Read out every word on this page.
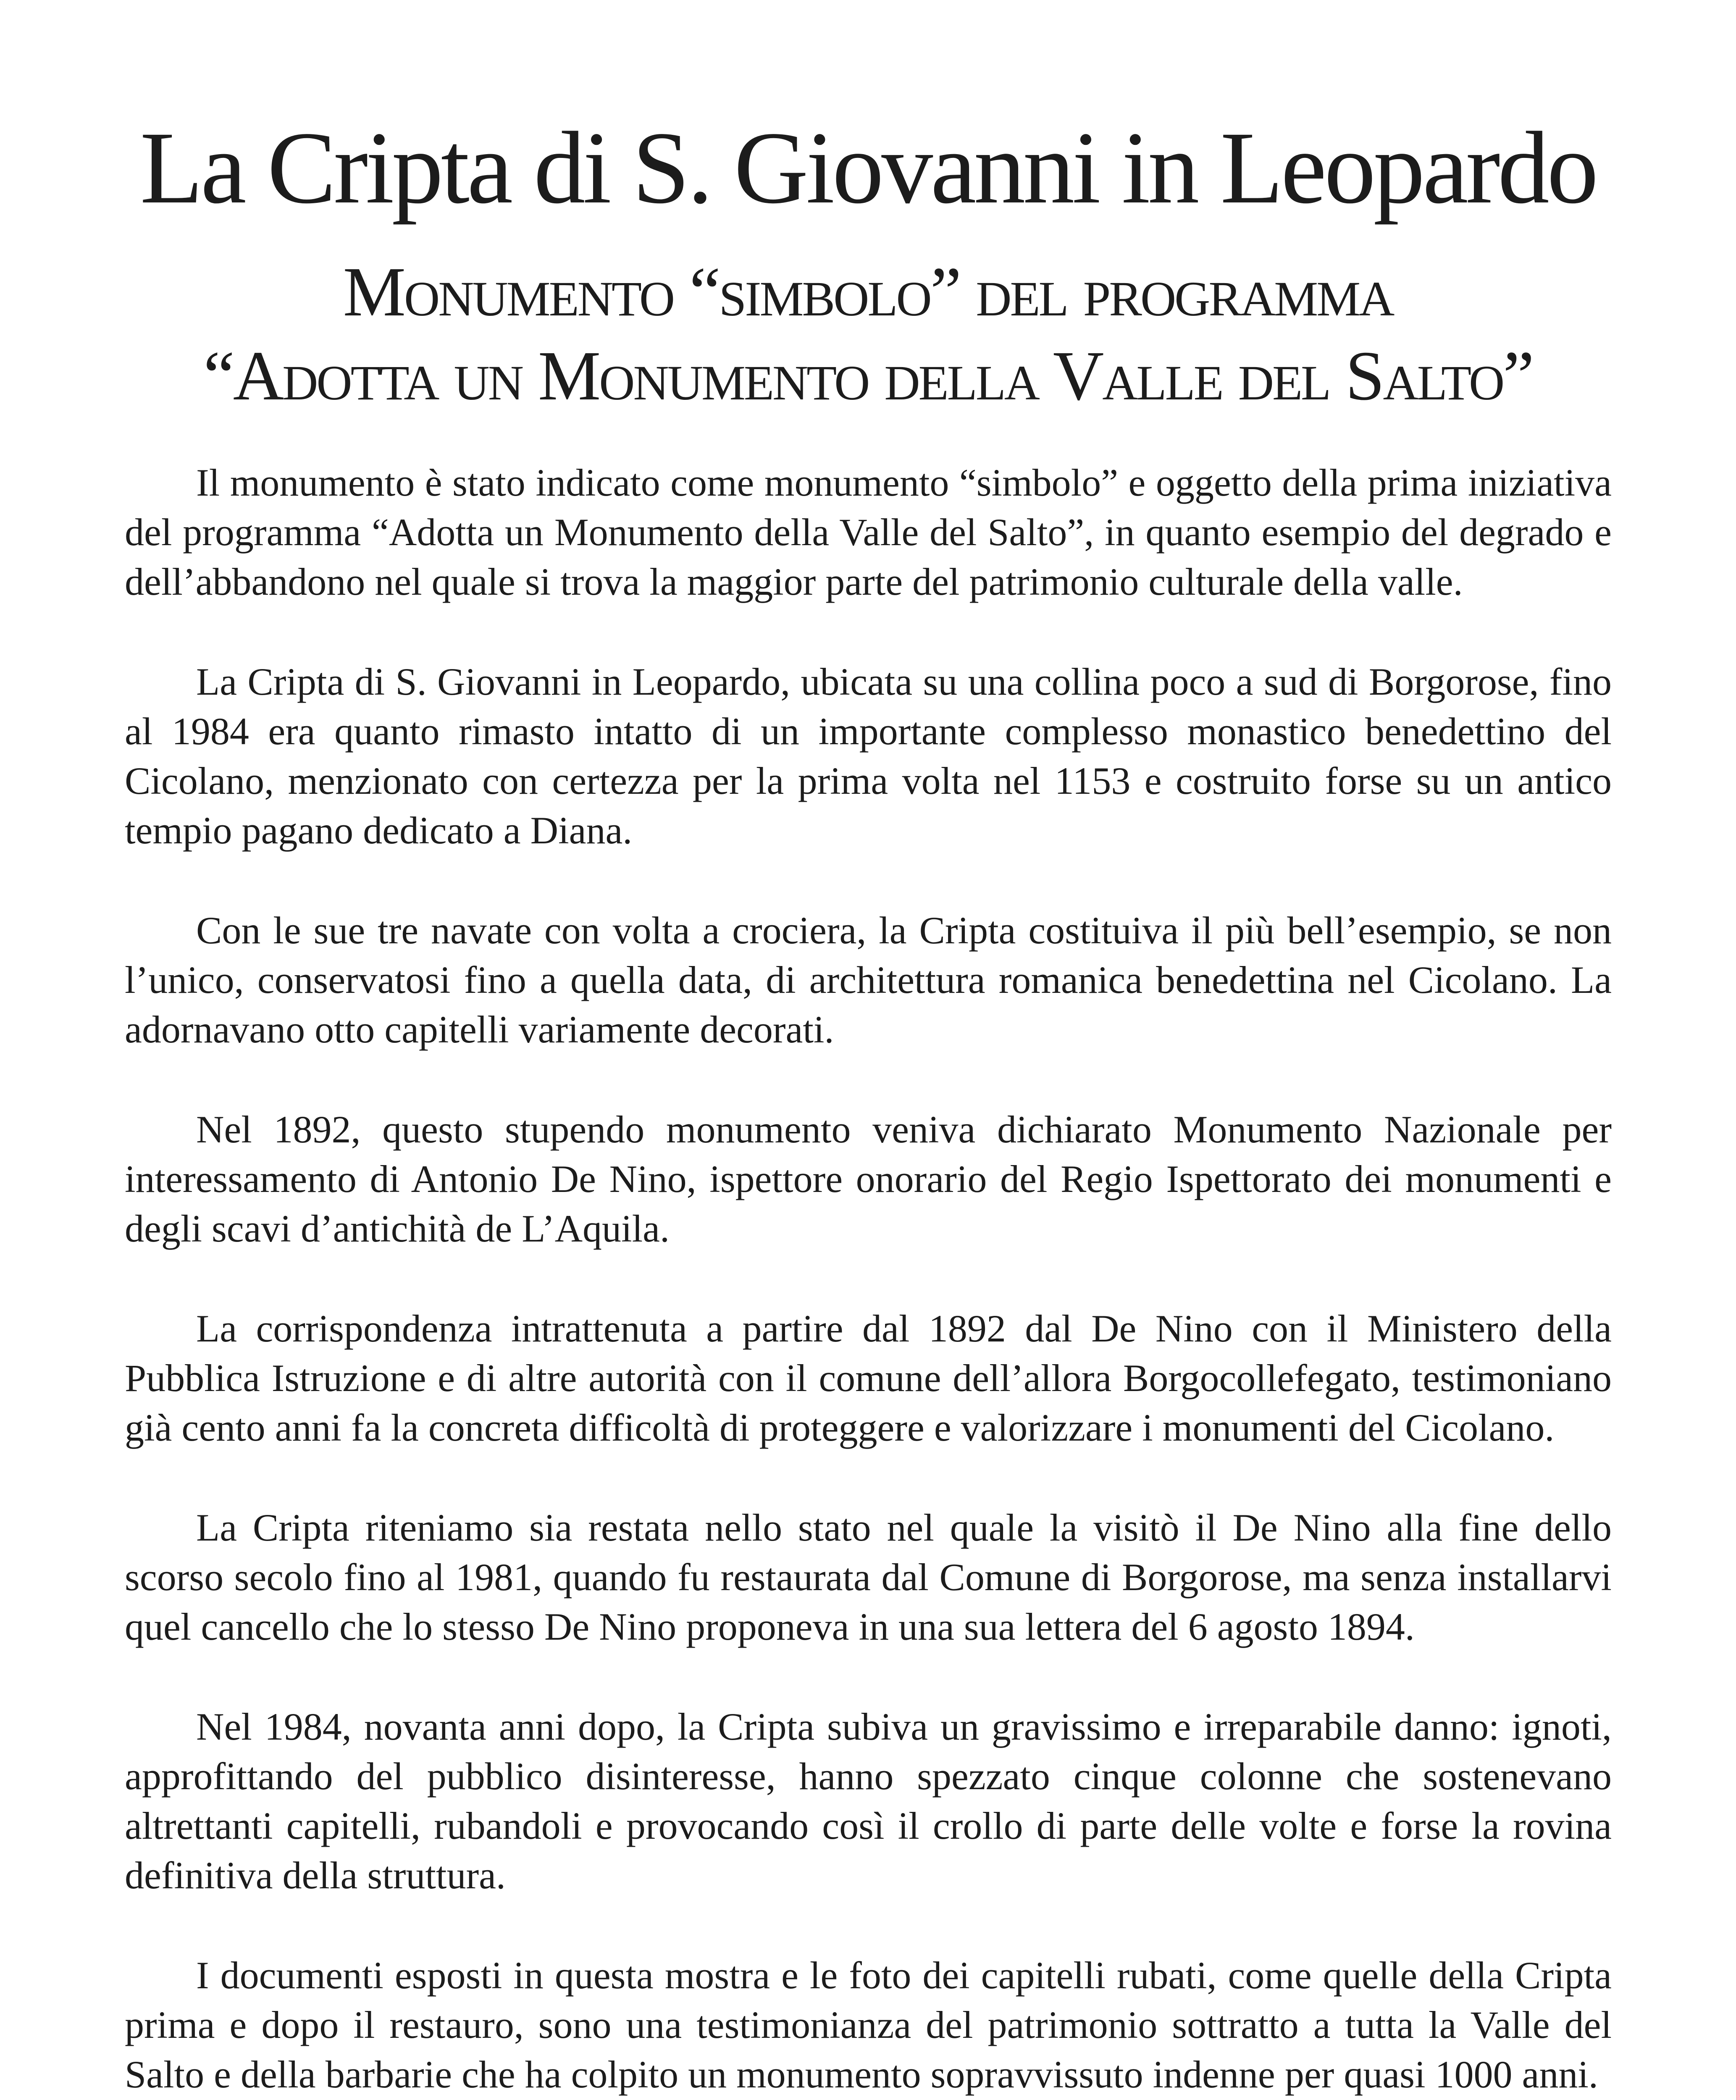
La Cripta di S. Giovanni in Leopardo
Monumento “simbolo” del programma
“Adotta un Monumento della Valle del Salto”

Il monumento è stato indicato come monumento “simbolo” e oggetto della prima iniziativa del programma “Adotta un Monumento della Valle del Salto”, in quanto esempio del degrado e dell’abbandono nel quale si trova la maggior parte del patrimonio culturale della valle.

La Cripta di S. Giovanni in Leopardo, ubicata su una collina poco a sud di Borgorose, fino al 1984 era quanto rimasto intatto di un importante complesso monastico benedettino del Cicolano, menzionato con certezza per la prima volta nel 1153 e costruito forse su un antico tempio pagano dedicato a Diana.

Con le sue tre navate con volta a crociera, la Cripta costituiva il più bell’esempio, se non l’unico, conservatosi fino a quella data, di architettura romanica benedettina nel Cicolano. La adornavano otto capitelli variamente decorati.

Nel 1892, questo stupendo monumento veniva dichiarato Monumento Nazionale per interessamento di Antonio De Nino, ispettore onorario del Regio Ispettorato dei monumenti e degli scavi d’antichità de L’Aquila.

La corrispondenza intrattenuta a partire dal 1892 dal De Nino con il Ministero della Pubblica Istruzione e di altre autorità con il comune dell’allora Borgocollefegato, testimoniano già cento anni fa la concreta difficoltà di proteggere e valorizzare i monumenti del Cicolano.

La Cripta riteniamo sia restata nello stato nel quale la visitò il De Nino alla fine dello scorso secolo fino al 1981, quando fu restaurata dal Comune di Borgorose, ma senza installarvi quel cancello che lo stesso De Nino proponeva in una sua lettera del 6 agosto 1894.

Nel 1984, novanta anni dopo, la Cripta subiva un gravissimo e irreparabile danno: ignoti, approfittando del pubblico disinteresse, hanno spezzato cinque colonne che sostenevano altrettanti capitelli, rubandoli e provocando così il crollo di parte delle volte e forse la rovina definitiva della struttura.

I documenti esposti in questa mostra e le foto dei capitelli rubati, come quelle della Cripta prima e dopo il restauro, sono una testimonianza del patrimonio sottratto a tutta la Valle del Salto e della barbarie che ha colpito un monumento sopravvissuto indenne per quasi 1000 anni.
